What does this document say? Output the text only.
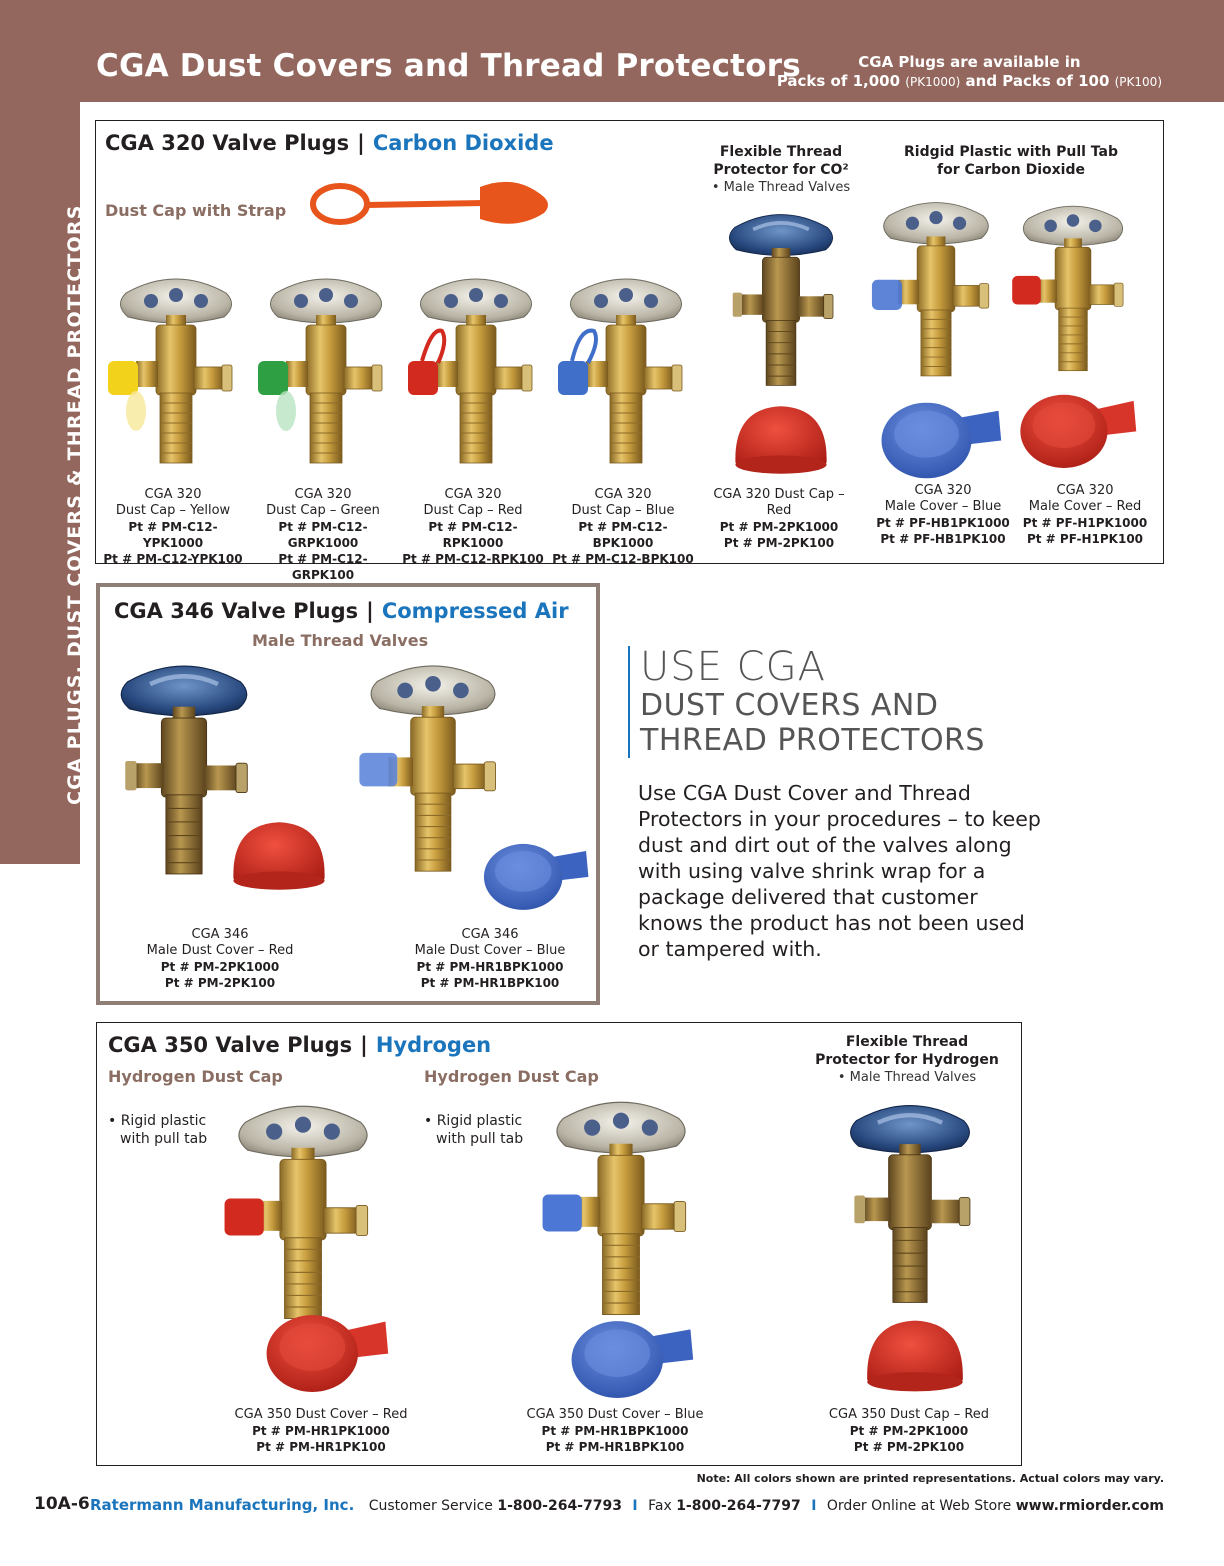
CGA Dust Covers and Thread Protectors	CGA Plugs are available in
Packs of 1,000 (PK1000) and Packs of 100 (PK100)
CGA PLUGS, DUST COVERS & THREAD PROTECTORS
CGA 320 Valve Plugs | Carbon Dioxide
Dust Cap with Strap
Flexible Thread
Protector for CO²
• Male Thread Valves
Ridgid Plastic with Pull Tab
for Carbon Dioxide
CGA 320
Dust Cap – Yellow
Pt # PM-C12-YPK1000
Pt # PM-C12-YPK100
CGA 320
Dust Cap – Green
Pt # PM-C12-GRPK1000
Pt # PM-C12-GRPK100
CGA 320
Dust Cap – Red
Pt # PM-C12-RPK1000
Pt # PM-C12-RPK100
CGA 320
Dust Cap – Blue
Pt # PM-C12-BPK1000
Pt # PM-C12-BPK100
CGA 320 Dust Cap –
Red
Pt # PM-2PK1000
Pt # PM-2PK100
CGA 320
Male Cover – Blue
Pt # PF-HB1PK1000
Pt # PF-HB1PK100
CGA 320
Male Cover – Red
Pt # PF-H1PK1000
Pt # PF-H1PK100
CGA 346 Valve Plugs | Compressed Air
Male Thread Valves
CGA 346
Male Dust Cover – Red
Pt # PM-2PK1000
Pt # PM-2PK100
CGA 346
Male Dust Cover – Blue
Pt # PM-HR1BPK1000
Pt # PM-HR1BPK100
USE CGA
DUST COVERS AND
THREAD PROTECTORS
Use CGA Dust Cover and Thread Protectors in your procedures – to keep dust and dirt out of the valves along with using valve shrink wrap for a package delivered that customer knows the product has not been used or tampered with.
CGA 350 Valve Plugs | Hydrogen
Hydrogen Dust Cap	Hydrogen Dust Cap
• Rigid plastic
with pull tab
• Rigid plastic
with pull tab
Flexible Thread
Protector for Hydrogen
• Male Thread Valves
CGA 350 Dust Cover – Red
Pt # PM-HR1PK1000
Pt # PM-HR1PK100
CGA 350 Dust Cover – Blue
Pt # PM-HR1BPK1000
Pt # PM-HR1BPK100
CGA 350 Dust Cap – Red
Pt # PM-2PK1000
Pt # PM-2PK100
Note: All colors shown are printed representations. Actual colors may vary.
10A-6 Ratermann Manufacturing, Inc. Customer Service 1-800-264-7793 I Fax 1-800-264-7797 I Order Online at Web Store www.rmiorder.com
